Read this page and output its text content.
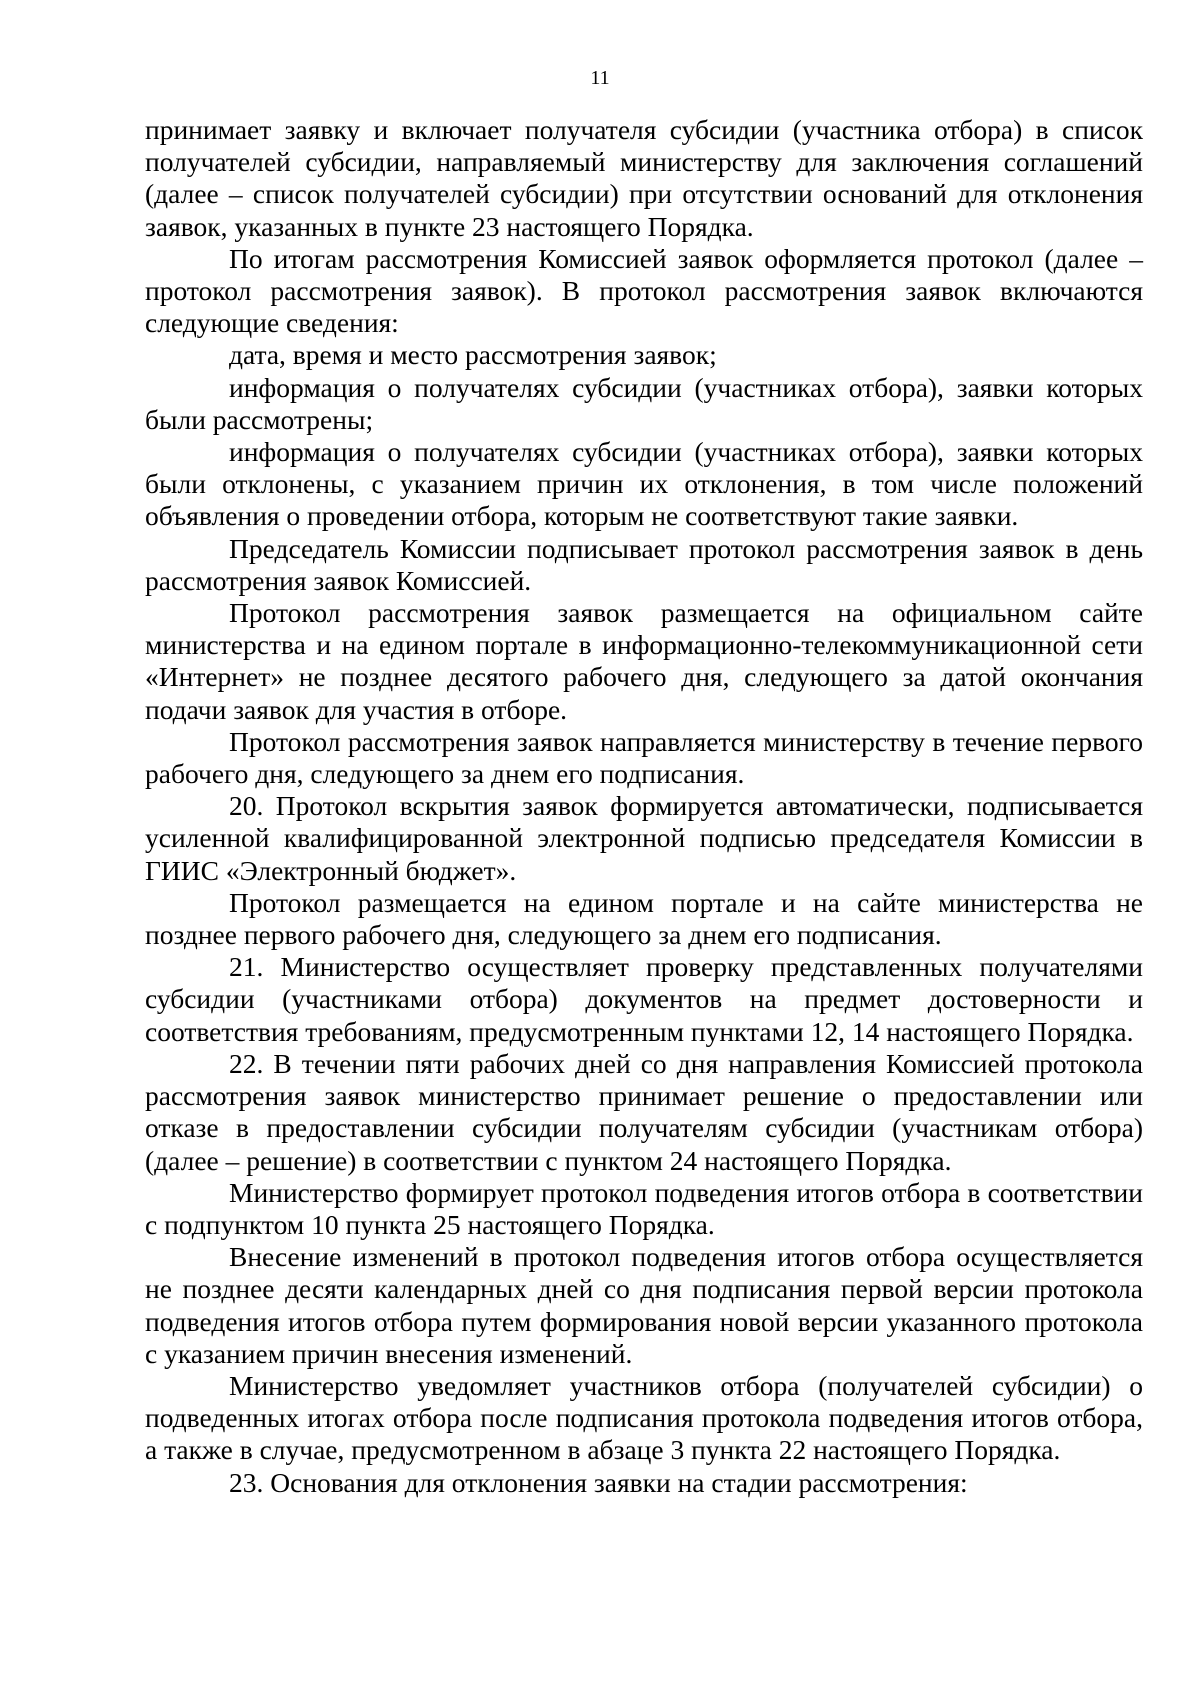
11

принимает заявку и включает получателя субсидии (участника отбора) в список получателей субсидии, направляемый министерству для заключения соглашений (далее – список получателей субсидии) при отсутствии оснований для отклонения заявок, указанных в пункте 23 настоящего Порядка.

По итогам рассмотрения Комиссией заявок оформляется протокол (далее – протокол рассмотрения заявок). В протокол рассмотрения заявок включаются следующие сведения:

дата, время и место рассмотрения заявок;

информация о получателях субсидии (участниках отбора), заявки которых были рассмотрены;

информация о получателях субсидии (участниках отбора), заявки которых были отклонены, с указанием причин их отклонения, в том числе положений объявления о проведении отбора, которым не соответствуют такие заявки.

Председатель Комиссии подписывает протокол рассмотрения заявок в день рассмотрения заявок Комиссией.

Протокол рассмотрения заявок размещается на официальном сайте министерства и на едином портале в информационно-телекоммуникационной сети «Интернет» не позднее десятого рабочего дня, следующего за датой окончания подачи заявок для участия в отборе.

Протокол рассмотрения заявок направляется министерству в течение первого рабочего дня, следующего за днем его подписания.

20. Протокол вскрытия заявок формируется автоматически, подписывается усиленной квалифицированной электронной подписью председателя Комиссии в ГИИС «Электронный бюджет».

Протокол размещается на едином портале и на сайте министерства не позднее первого рабочего дня, следующего за днем его подписания.

21. Министерство осуществляет проверку представленных получателями субсидии (участниками отбора) документов на предмет достоверности и соответствия требованиям, предусмотренным пунктами 12, 14 настоящего Порядка.

22. В течении пяти рабочих дней со дня направления Комиссией протокола рассмотрения заявок министерство принимает решение о предоставлении или отказе в предоставлении субсидии получателям субсидии (участникам отбора) (далее – решение) в соответствии с пунктом 24 настоящего Порядка.

Министерство формирует протокол подведения итогов отбора в соответствии с подпунктом 10 пункта 25 настоящего Порядка.

Внесение изменений в протокол подведения итогов отбора осуществляется не позднее десяти календарных дней со дня подписания первой версии протокола подведения итогов отбора путем формирования новой версии указанного протокола с указанием причин внесения изменений.

Министерство уведомляет участников отбора (получателей субсидии) о подведенных итогах отбора после подписания протокола подведения итогов отбора, а также в случае, предусмотренном в абзаце 3 пункта 22 настоящего Порядка.

23. Основания для отклонения заявки на стадии рассмотрения:
